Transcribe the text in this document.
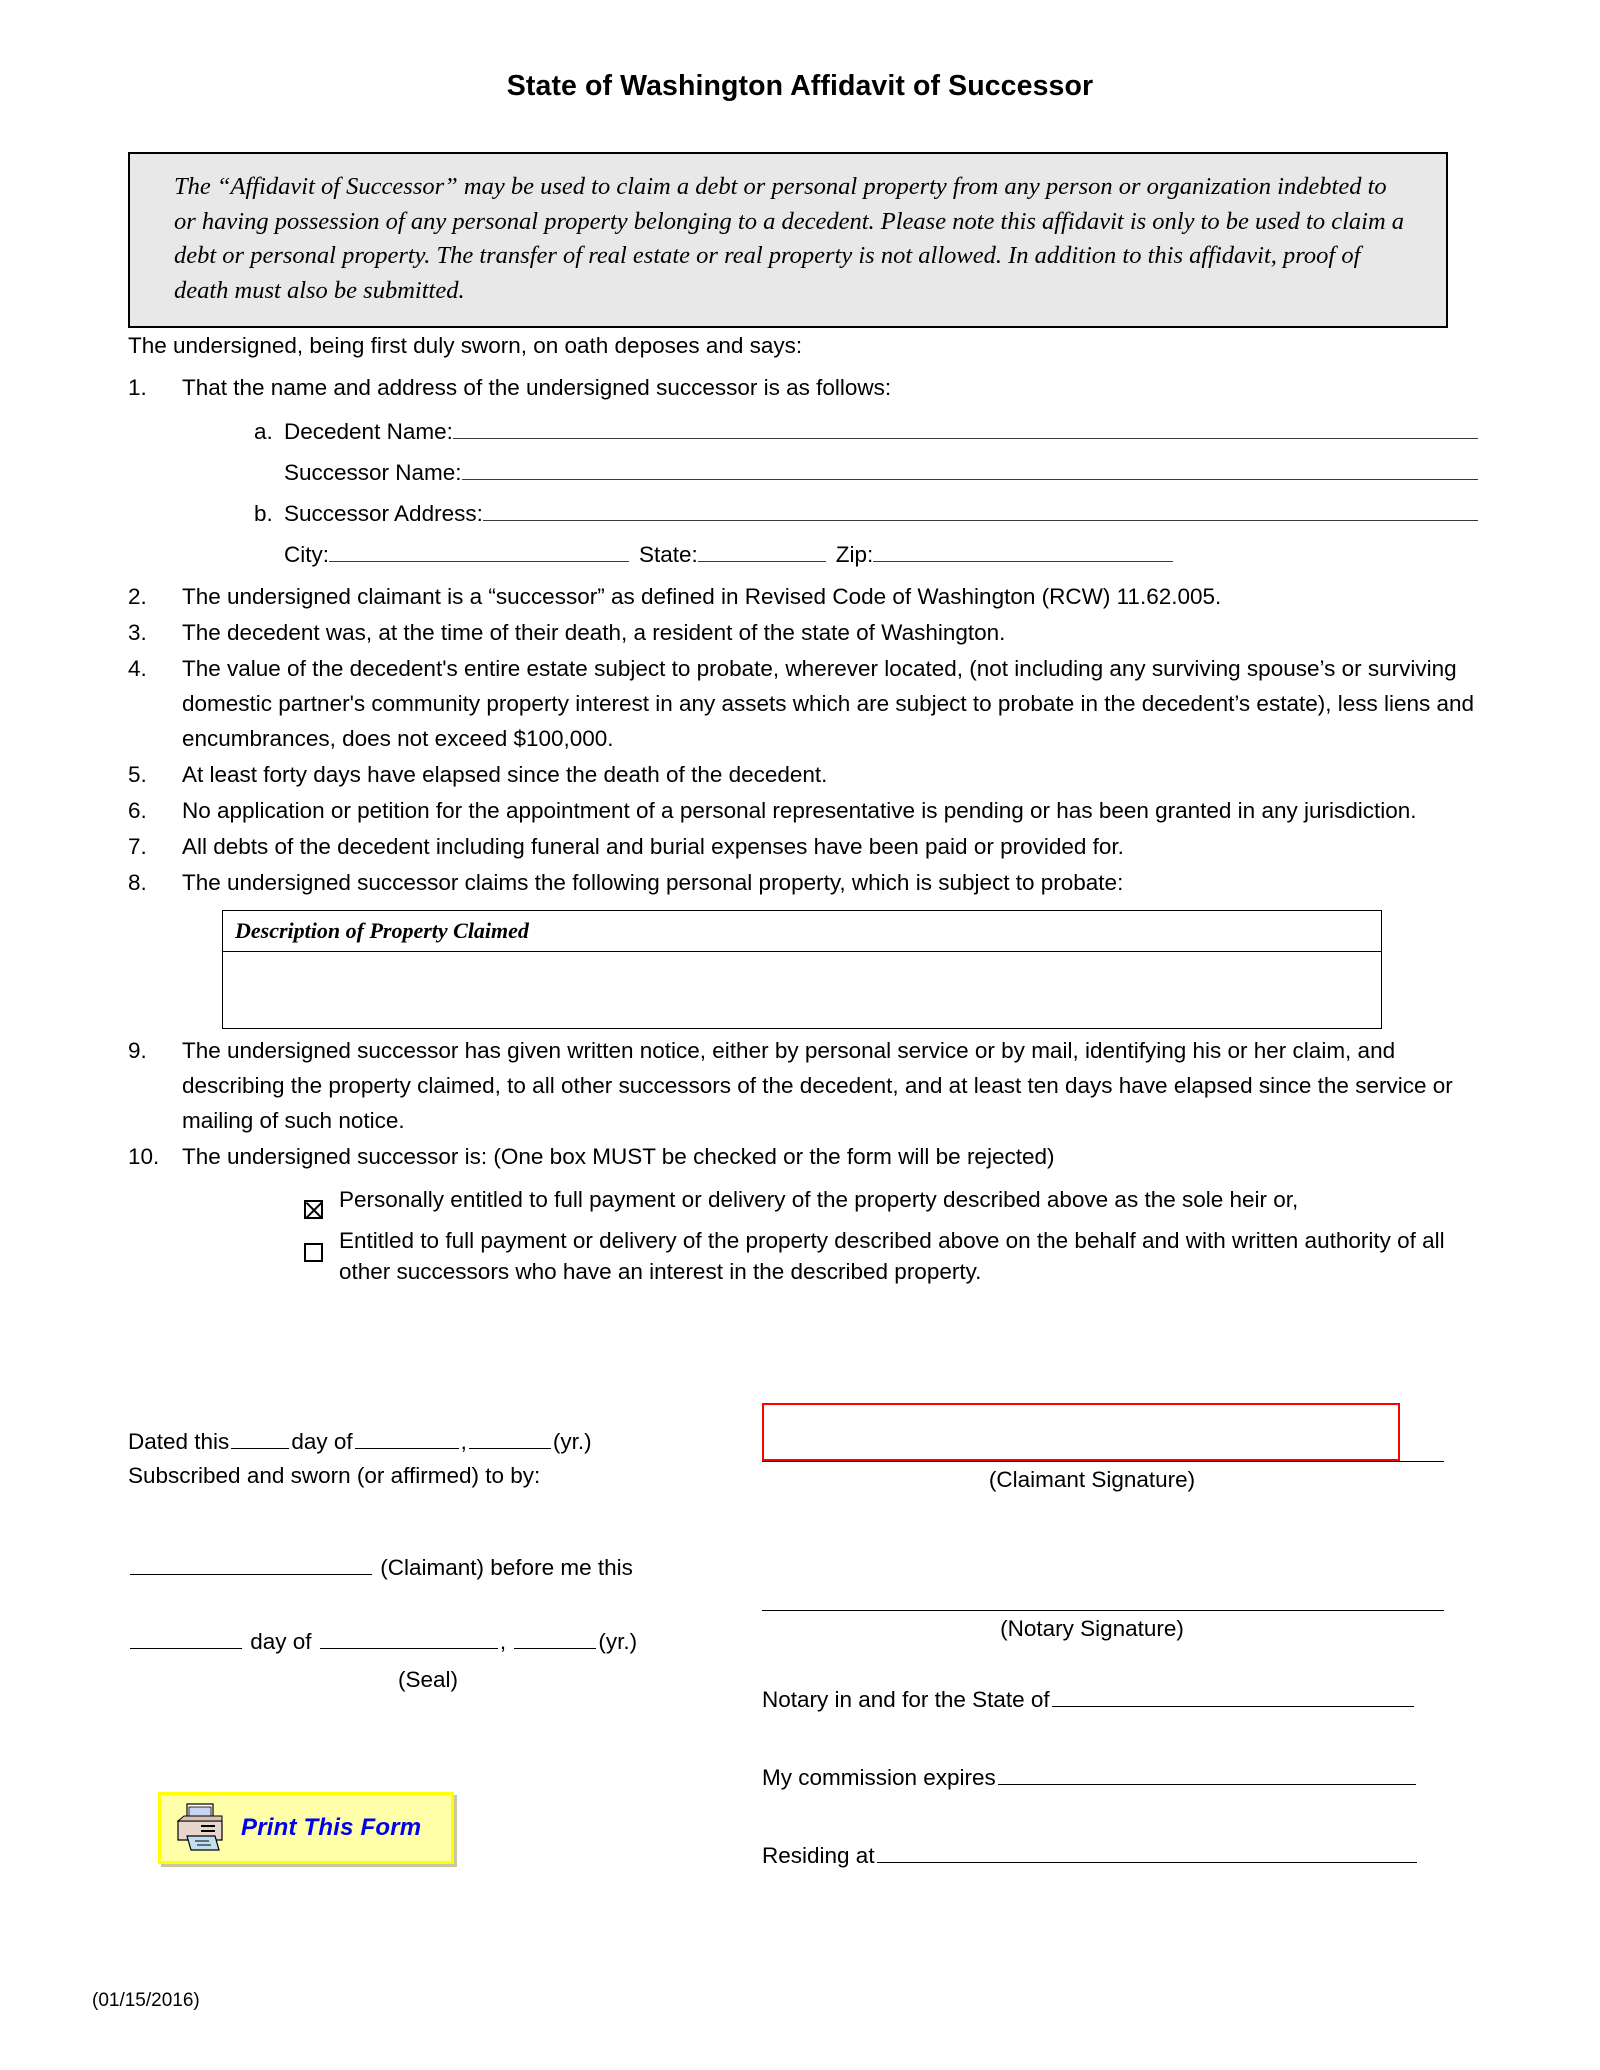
State of Washington Affidavit of Successor

The “Affidavit of Successor” may be used to claim a debt or personal property from any person or organization indebted to or having possession of any personal property belonging to a decedent. Please note this affidavit is only to be used to claim a debt or personal property. The transfer of real estate or real property is not allowed. In addition to this affidavit, proof of death must also be submitted.

The undersigned, being first duly sworn, on oath deposes and says:

1.	That the name and address of the undersigned successor is as follows:
a. Decedent Name:
Successor Name:
b. Successor Address:
City:	State:	Zip:
2.	The undersigned claimant is a “successor” as defined in Revised Code of Washington (RCW) 11.62.005.
3.	The decedent was, at the time of their death, a resident of the state of Washington.
4.	The value of the decedent's entire estate subject to probate, wherever located, (not including any surviving spouse’s or surviving domestic partner's community property interest in any assets which are subject to probate in the decedent’s estate), less liens and encumbrances, does not exceed $100,000.
5.	At least forty days have elapsed since the death of the decedent.
6.	No application or petition for the appointment of a personal representative is pending or has been granted in any jurisdiction.
7.	All debts of the decedent including funeral and burial expenses have been paid or provided for.
8.	The undersigned successor claims the following personal property, which is subject to probate:
Description of Property Claimed

9.	The undersigned successor has given written notice, either by personal service or by mail, identifying his or her claim, and describing the property claimed, to all other successors of the decedent, and at least ten days have elapsed since the service or mailing of such notice.
10.	The undersigned successor is: (One box MUST be checked or the form will be rejected)
Personally entitled to full payment or delivery of the property described above as the sole heir or,
Entitled to full payment or delivery of the property described above on the behalf and with written authority of all other successors who have an interest in the described property.
Dated this	day of	,	(yr.)
Subscribed and sworn (or affirmed) to by:
(Claimant) before me this
day of	,	(yr.)
(Seal)
(Claimant Signature)
(Notary Signature)
Notary in and for the State of
My commission expires
Residing at
Print This Form
(01/15/2016)
